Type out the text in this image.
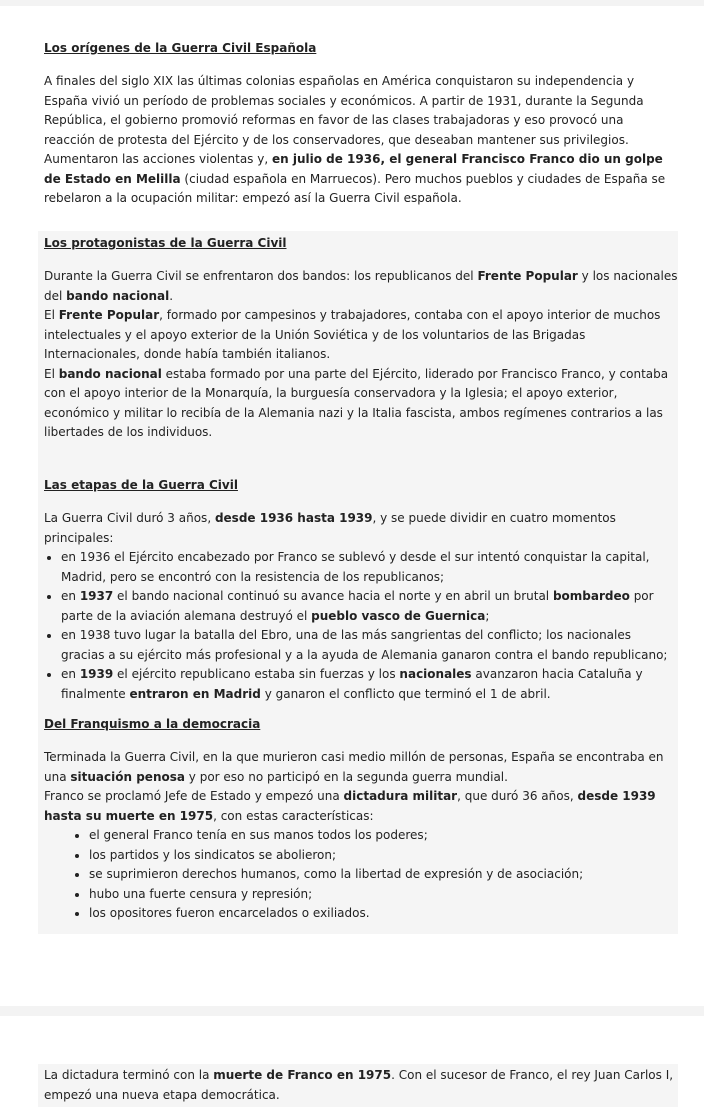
Los orígenes de la Guerra Civil Española

A finales del siglo XIX las últimas colonias españolas en América conquistaron su independencia y España vivió un período de problemas sociales y económicos. A partir de 1931, durante la Segunda República, el gobierno promovió reformas en favor de las clases trabajadoras y eso provocó una reacción de protesta del Ejército y de los conservadores, que deseaban mantener sus privilegios. Aumentaron las acciones violentas y, en julio de 1936, el general Francisco Franco dio un golpe de Estado en Melilla (ciudad española en Marruecos). Pero muchos pueblos y ciudades de España se rebelaron a la ocupación militar: empezó así la Guerra Civil española.

Los protagonistas de la Guerra Civil

Durante la Guerra Civil se enfrentaron dos bandos: los republicanos del Frente Popular y los nacionales del bando nacional.

El Frente Popular, formado por campesinos y trabajadores, contaba con el apoyo interior de muchos intelectuales y el apoyo exterior de la Unión Soviética y de los voluntarios de las Brigadas Internacionales, donde había también italianos.

El bando nacional estaba formado por una parte del Ejército, liderado por Francisco Franco, y contaba con el apoyo interior de la Monarquía, la burguesía conservadora y la Iglesia; el apoyo exterior, económico y militar lo recibía de la Alemania nazi y la Italia fascista, ambos regímenes contrarios a las libertades de los individuos.

Las etapas de la Guerra Civil

La Guerra Civil duró 3 años, desde 1936 hasta 1939, y se puede dividir en cuatro momentos principales:

• en 1936 el Ejército encabezado por Franco se sublevó y desde el sur intentó conquistar la capital, Madrid, pero se encontró con la resistencia de los republicanos;
• en 1937 el bando nacional continuó su avance hacia el norte y en abril un brutal bombardeo por parte de la aviación alemana destruyó el pueblo vasco de Guernica;
• en 1938 tuvo lugar la batalla del Ebro, una de las más sangrientas del conflicto; los nacionales gracias a su ejército más profesional y a la ayuda de Alemania ganaron contra el bando republicano;
• en 1939 el ejército republicano estaba sin fuerzas y los nacionales avanzaron hacia Cataluña y finalmente entraron en Madrid y ganaron el conflicto que terminó el 1 de abril.
Del Franquismo a la democracia

Terminada la Guerra Civil, en la que murieron casi medio millón de personas, España se encontraba en una situación penosa y por eso no participó en la segunda guerra mundial.

Franco se proclamó Jefe de Estado y empezó una dictadura militar, que duró 36 años, desde 1939 hasta su muerte en 1975, con estas características:

• el general Franco tenía en sus manos todos los poderes;
• los partidos y los sindicatos se abolieron;
• se suprimieron derechos humanos, como la libertad de expresión y de asociación;
• hubo una fuerte censura y represión;
• los opositores fueron encarcelados o exiliados.

La dictadura terminó con la muerte de Franco en 1975. Con el sucesor de Franco, el rey Juan Carlos I, empezó una nueva etapa democrática.
